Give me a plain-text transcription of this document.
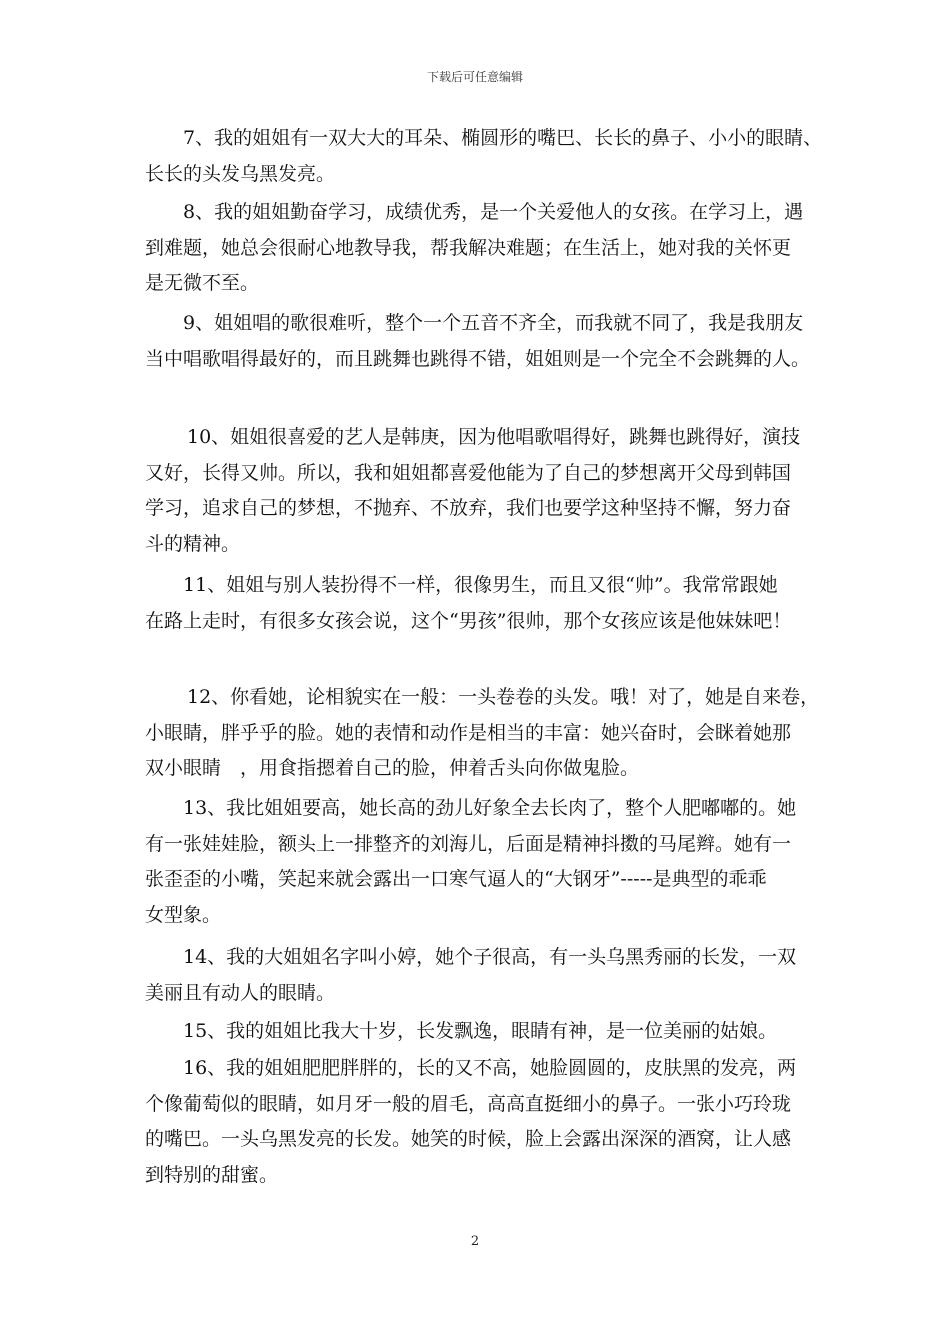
下载后可任意编辑

7、我的姐姐有一双大大的耳朵、椭圆形的嘴巴、长长的鼻子、小小的眼睛、
长长的头发乌黑发亮。

8、我的姐姐勤奋学习，成绩优秀，是一个关爱他人的女孩。在学习上，遇
到难题，她总会很耐心地教导我，帮我解决难题；在生活上，她对我的关怀更
是无微不至。

9、姐姐唱的歌很难听，整个一个五音不齐全，而我就不同了，我是我朋友
当中唱歌唱得最好的，而且跳舞也跳得不错，姐姐则是一个完全不会跳舞的人。

10、姐姐很喜爱的艺人是韩庚，因为他唱歌唱得好，跳舞也跳得好，演技
又好，长得又帅。所以，我和姐姐都喜爱他能为了自己的梦想离开父母到韩国
学习，追求自己的梦想，不抛弃、不放弃，我们也要学这种坚持不懈，努力奋
斗的精神。

11、姐姐与别人装扮得不一样，很像男生，而且又很“帅”。我常常跟她
在路上走时，有很多女孩会说，这个“男孩”很帅，那个女孩应该是他妹妹吧！

12、你看她，论相貌实在一般：一头卷卷的头发。哦！对了，她是自来卷，
小眼睛，胖乎乎的脸。她的表情和动作是相当的丰富：她兴奋时，会眯着她那
双小眼睛　，用食指摁着自己的脸，伸着舌头向你做鬼脸。

13、我比姐姐要高，她长高的劲儿好象全去长肉了，整个人肥嘟嘟的。她
有一张娃娃脸，额头上一排整齐的刘海儿，后面是精神抖擞的马尾辫。她有一
张歪歪的小嘴，笑起来就会露出一口寒气逼人的“大钢牙”-----是典型的乖乖
女型象。

14、我的大姐姐名字叫小婷，她个子很高，有一头乌黑秀丽的长发，一双
美丽且有动人的眼睛。

15、我的姐姐比我大十岁，长发飘逸，眼睛有神，是一位美丽的姑娘。

16、我的姐姐肥肥胖胖的，长的又不高，她脸圆圆的，皮肤黑的发亮，两
个像葡萄似的眼睛，如月牙一般的眉毛，高高直挺细小的鼻子。一张小巧玲珑
的嘴巴。一头乌黑发亮的长发。她笑的时候，脸上会露出深深的酒窝，让人感
到特别的甜蜜。

2
